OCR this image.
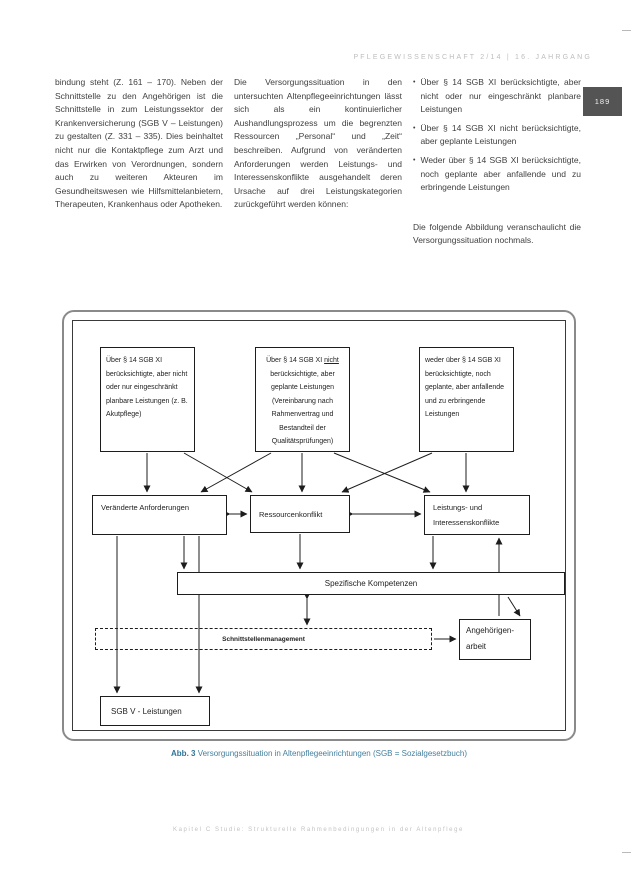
PFLEGEWISSENSCHAFT 2/14 | 16. JAHRGANG
189
bindung steht (Z. 161 – 170). Neben der Schnittstelle zu den Angehörigen ist die Schnittstelle in zum Leistungssektor der Krankenversicherung (SGB V – Leistungen) zu gestalten (Z. 331 – 335). Dies beinhaltet nicht nur die Kontaktpflege zum Arzt und das Erwirken von Verordnungen, sondern auch zu weiteren Akteuren im Gesundheitswesen wie Hilfsmittelanbietern, Therapeuten, Krankenhaus oder Apotheken.
Die Versorgungssituation in den untersuchten Altenpflegeeinrichtungen lässt sich als ein kontinuierlicher Aushandlungsprozess um die begrenzten Ressourcen „Personal“ und „Zeit“ beschreiben. Aufgrund von veränderten Anforderungen werden Leistungs- und Interessenskonflikte ausgehandelt deren Ursache auf drei Leistungskategorien zurückgeführt werden können:
• Über § 14 SGB XI berücksichtigte, aber nicht oder nur eingeschränkt planbare Leistungen
• Über § 14 SGB XI nicht berücksichtigte, aber geplante Leistungen
• Weder über § 14 SGB XI berücksichtigte, noch geplante aber anfallende und zu erbringende Leistungen
Die folgende Abbildung veranschaulicht die Versorgungssituation nochmals.
Über § 14 SGB XI berücksichtigte, aber nicht oder nur eingeschränkt planbare Leistungen (z. B. Akutpflege)
Über § 14 SGB XI nicht berücksichtigte, aber geplante Leistungen (Vereinbarung nach Rahmenvertrag und Bestandteil der Qualitätsprüfungen)
weder über § 14 SGB XI berücksichtigte, noch geplante, aber anfallende und zu erbringende Leistungen
Veränderte Anforderungen
Ressourcenkonflikt
Leistungs- und Interessenskonflikte
Spezifische Kompetenzen
Schnittstellenmanagement
Angehörigen-arbeit
SGB V - Leistungen
Abb. 3 Versorgungssituation in Altenpflegeeinrichtungen (SGB = Sozialgesetzbuch)
Kapitel C Studie: Strukturelle Rahmenbedingungen in der Altenpflege
